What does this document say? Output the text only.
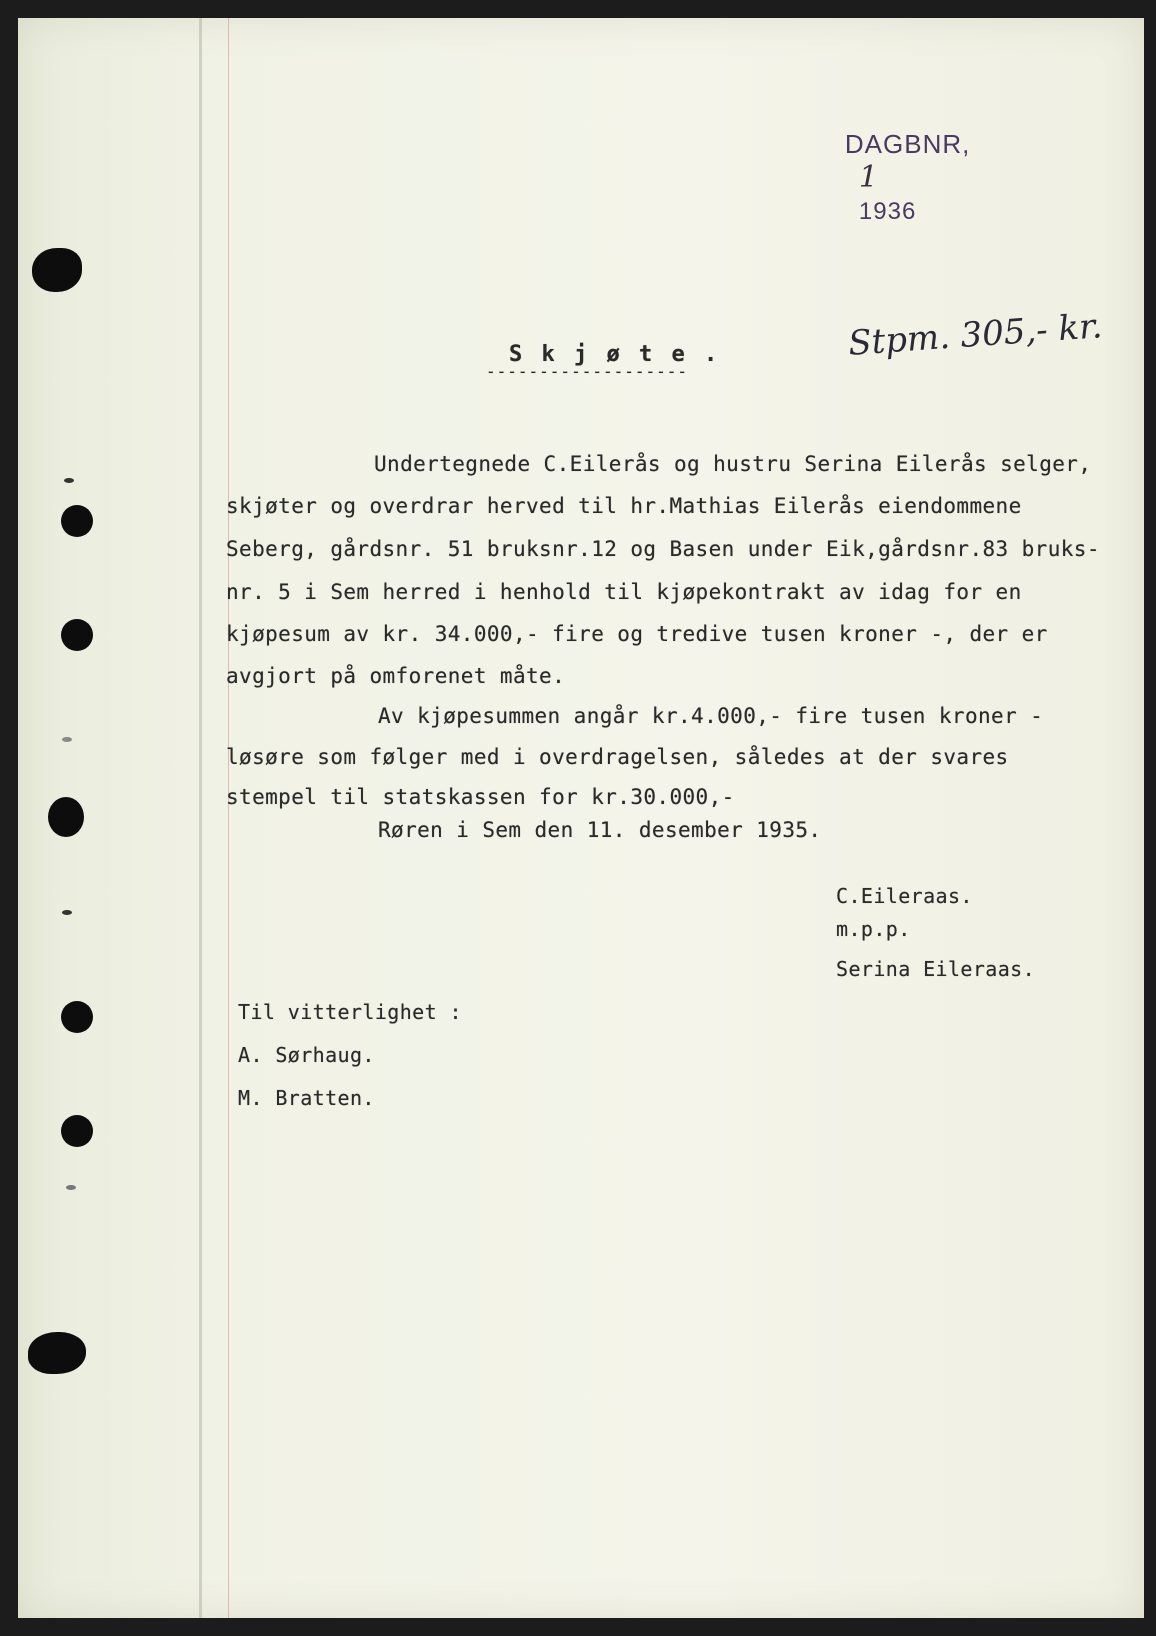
DAGBNR,
1
1936

Stpm. 305,- kr.
S k j ø t e .
-------------------
Undertegnede C.Eilerås og hustru Serina Eilerås selger,
skjøter og overdrar herved til hr.Mathias Eilerås eiendommene
Seberg, gårdsnr. 51 bruksnr.12 og Basen under Eik,gårdsnr.83 bruks-
nr. 5 i Sem herred i henhold til kjøpekontrakt av idag for en
kjøpesum av kr. 34.000,- fire og tredive tusen kroner -, der er
avgjort på omforenet måte.
Av kjøpesummen angår kr.4.000,- fire tusen kroner -
løsøre som følger med i overdragelsen, således at der svares
stempel til statskassen for kr.30.000,-
Røren i Sem den 11. desember 1935.
C.Eileraas.
m.p.p.
Serina Eileraas.
Til vitterlighet :
A. Sørhaug.
M. Bratten.
